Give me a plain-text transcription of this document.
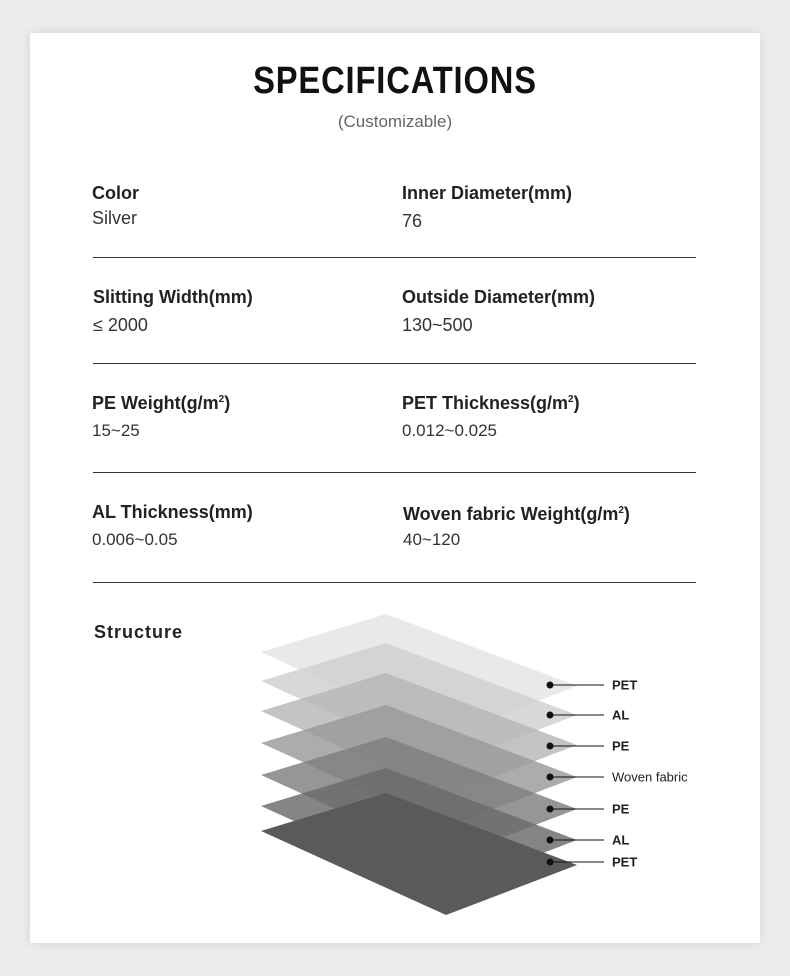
SPECIFICATIONS
(Customizable)
Color
Silver
Inner Diameter(mm)
76
Slitting Width(mm)
≤ 2000
Outside Diameter(mm)
130~500
PE $Weight(g/m^2)$
15~25
PET $Thickness(g/m^2)$
0.012~0.025
AL Thickness(mm)
0.006~0.05
Woven fabric $Weight(g/m^2)$
40~120
Structure
PET
AL
PE
Woven fabric
PE
AL
PET
